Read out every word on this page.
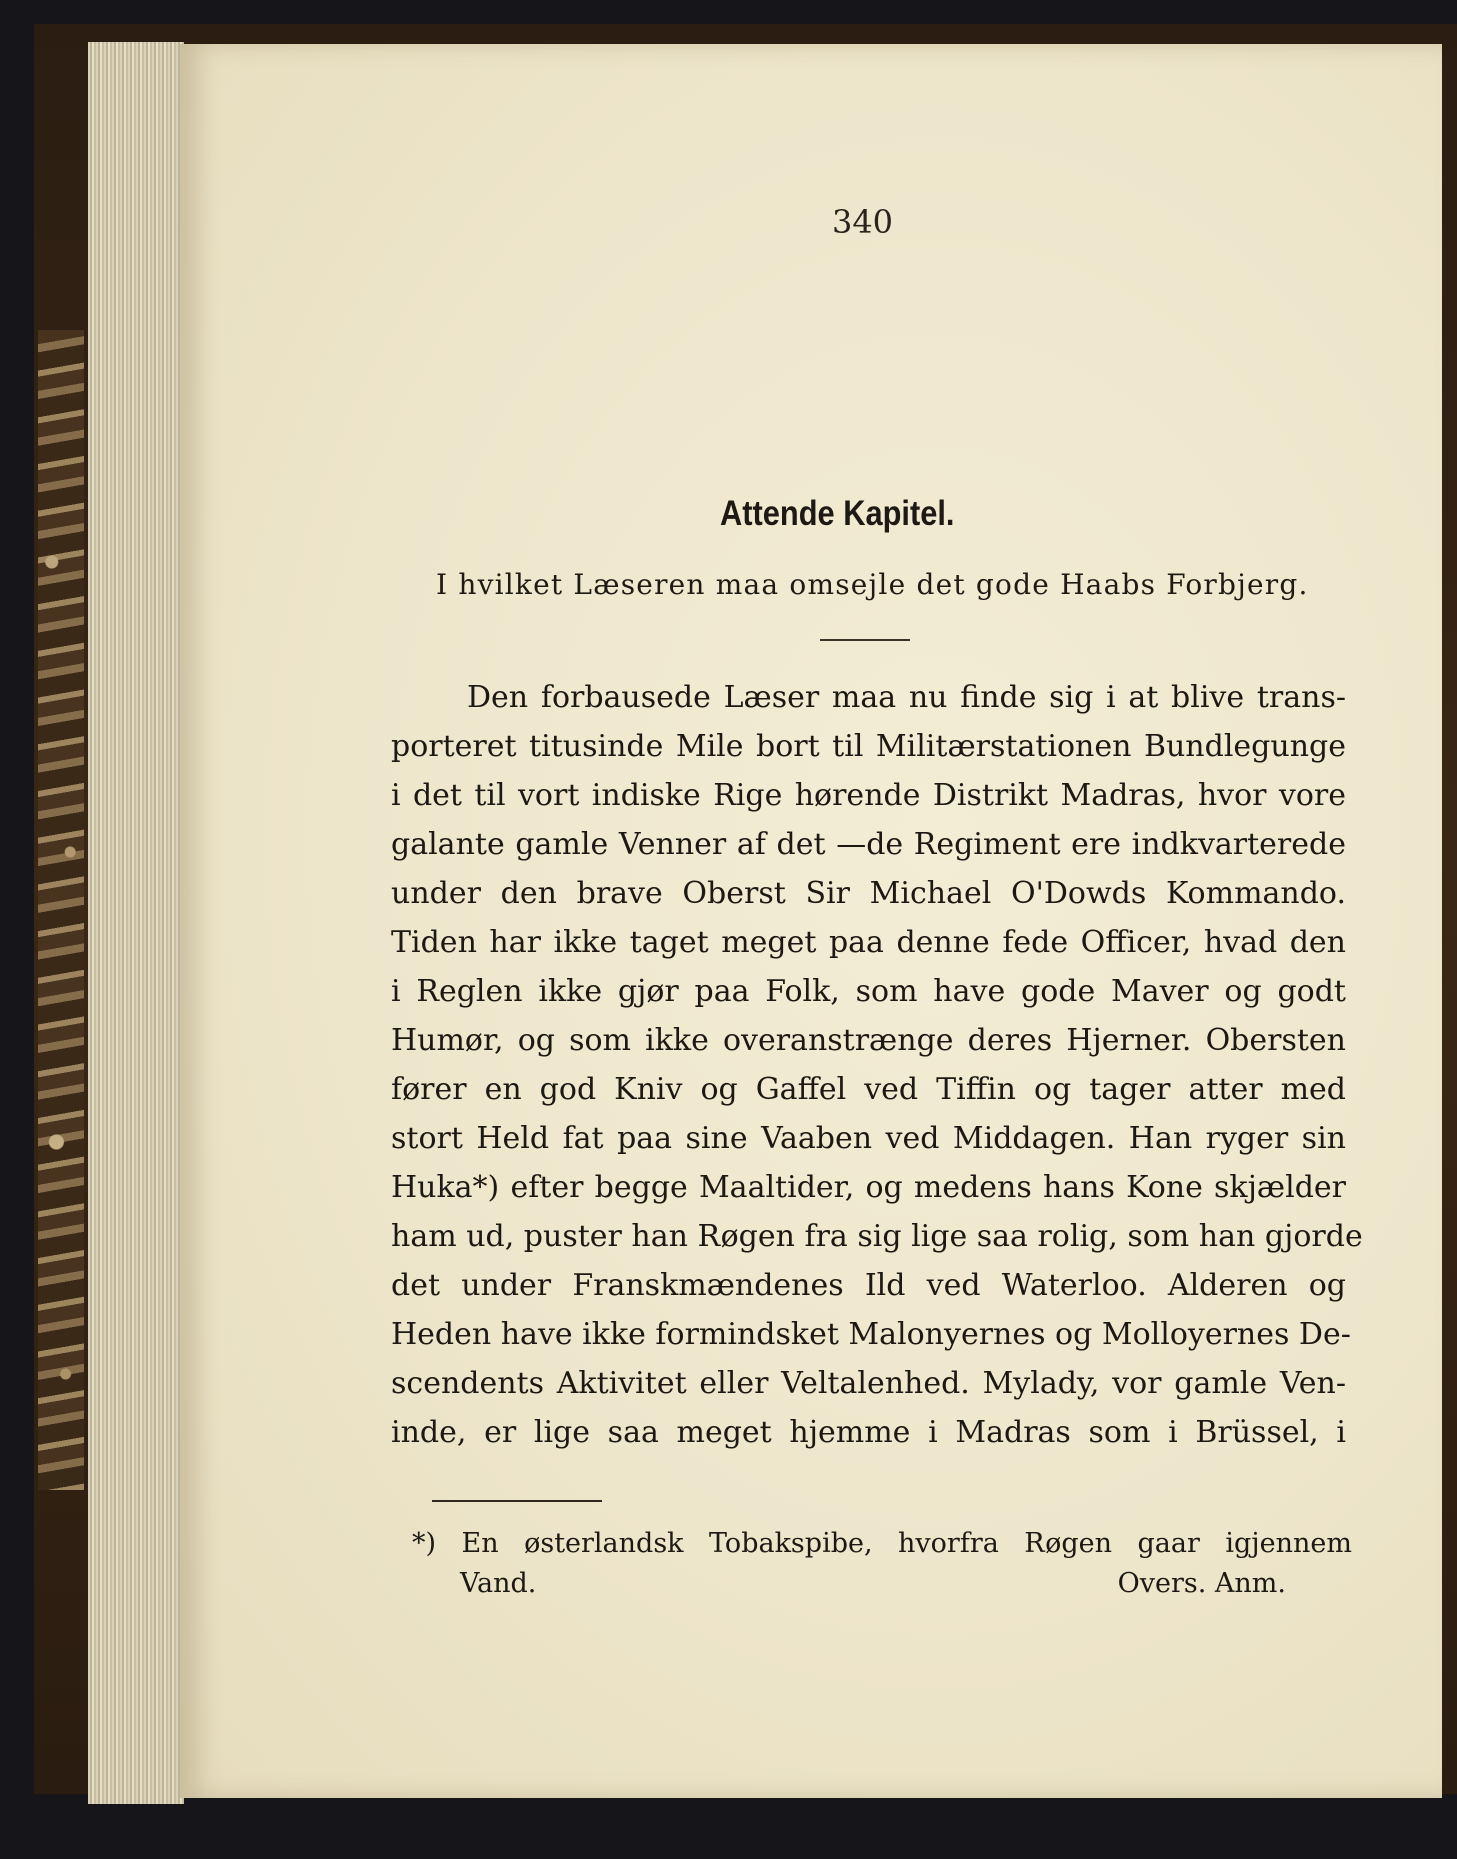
340
Attende Kapitel.
I hvilket Læseren maa omsejle det gode Haabs Forbjerg.
Den forbausede Læser maa nu finde sig i at blive trans-
porteret titusinde Mile bort til Militærstationen Bundlegunge
i det til vort indiske Rige hørende Distrikt Madras, hvor vore
galante gamle Venner af det —de Regiment ere indkvarterede
under den brave Oberst Sir Michael O'Dowds Kommando.
Tiden har ikke taget meget paa denne fede Officer, hvad den
i Reglen ikke gjør paa Folk, som have gode Maver og godt
Humør, og som ikke overanstrænge deres Hjerner. Obersten
fører en god Kniv og Gaffel ved Tiffin og tager atter med
stort Held fat paa sine Vaaben ved Middagen. Han ryger sin
Huka*) efter begge Maaltider, og medens hans Kone skjælder
ham ud, puster han Røgen fra sig lige saa rolig, som han gjorde
det under Franskmændenes Ild ved Waterloo. Alderen og
Heden have ikke formindsket Malonyernes og Molloyernes De-
scendents Aktivitet eller Veltalenhed. Mylady, vor gamle Ven-
inde, er lige saa meget hjemme i Madras som i Brüssel, i
*) En østerlandsk Tobakspibe, hvorfra Røgen gaar igjennem
Vand.	Overs. Anm.
